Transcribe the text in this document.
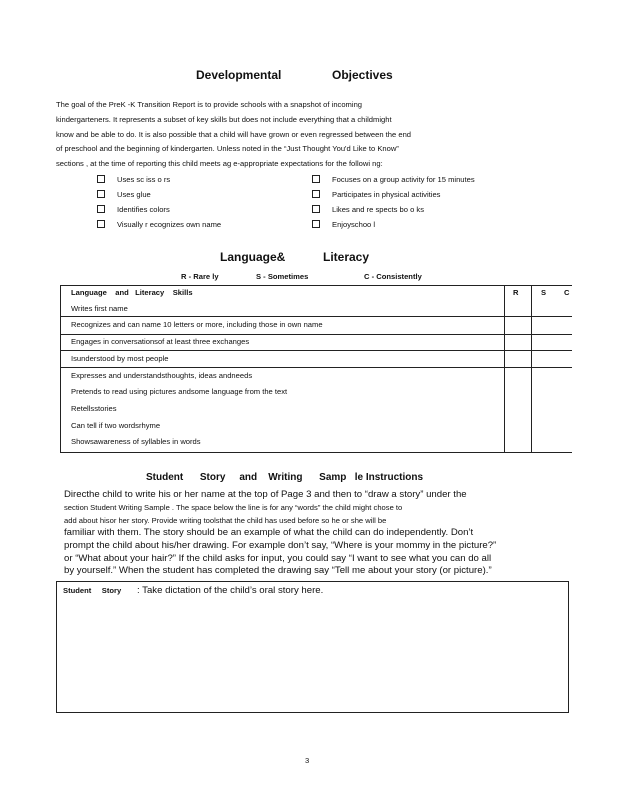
Developmental	Objectives
The goal of the PreK -K Transition Report is to provide schools with a snapshot of incoming
kindergarteners. It represents a subset of key skills but does not include everything that a childmight
know and be able to do. It is also possible that a child will have grown or even regressed between the end
of preschool and the beginning of kindergarten. Unless noted in the “Just Thought You'd Like to Know”
sections , at the time of reporting this child meets ag e-appropriate expectations for the followi ng:
Uses sc iss o rs
Uses glue
Identifies colors
Visually r ecognizes own name
Focuses on a group activity for 15 minutes
Participates in physical activities
Likes and re spects bo o ks
Enjoyschoo l
Language&	Literacy
R - Rare ly	S - Sometimes	C - Consistently
Language    and   Literacy    Skills	R	S C
Writes first name
Recognizes and can name 10 letters or more, including those in own name
Engages in conversationsof at least three exchanges
Isunderstood by most people
Expresses and understandsthoughts, ideas andneeds
Pretends to read using pictures andsome language from the text
Retellsstories
Can tell if two wordsrhyme
Showsawareness of syllables in words
Student      Story     and    Writing      Samp   le Instructions
Directhe child to write his or her name at the top of Page 3 and then to “draw a story” under the
section Student Writing Sample . The space below the line is for any “words” the child might chose to
add about hisor her story. Provide writing toolsthat the child has used before so he or she will be
familiar with them. The story should be an example of what the child can do independently. Don’t
prompt the child about his/her drawing. For example don’t say, “Where is your mommy in the picture?”
or “What about your hair?” If the child asks for input, you could say “I want to see what you can do all
by yourself.” When the student has completed the drawing say “Tell me about your story (or picture).”
Student     Story : Take dictation of the child’s oral story here.
3
